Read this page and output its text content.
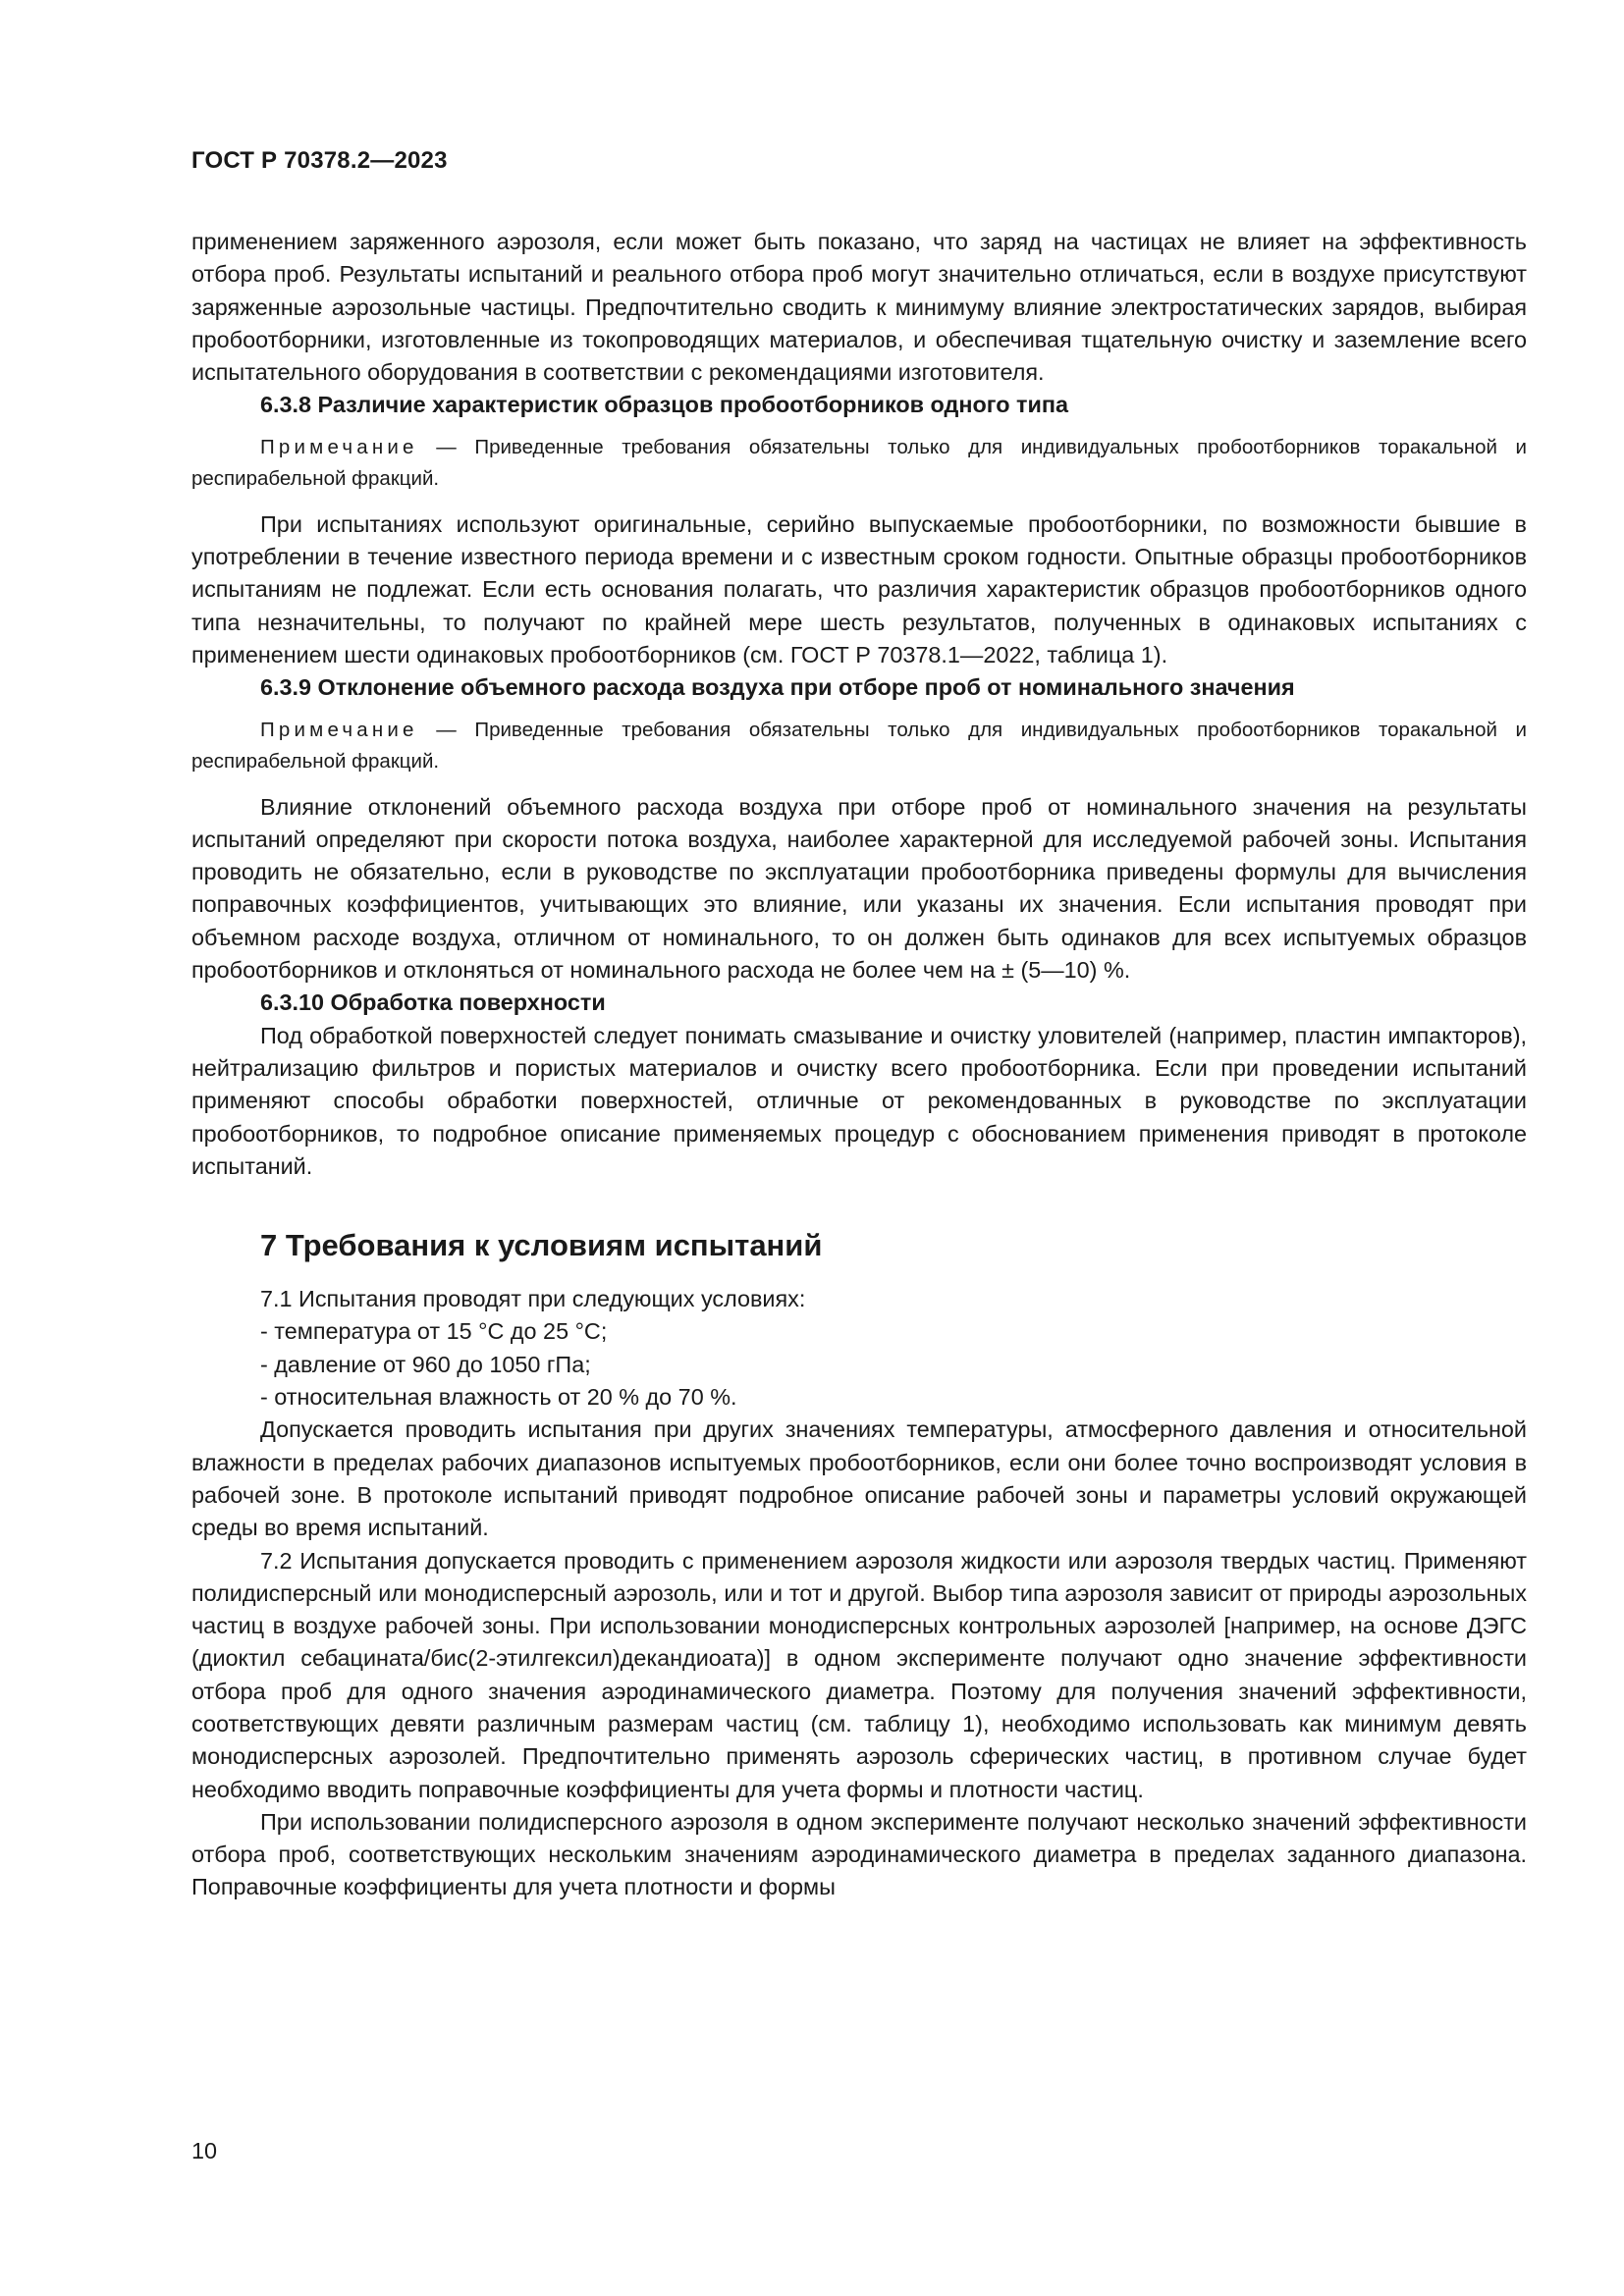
ГОСТ Р 70378.2—2023

применением заряженного аэрозоля, если может быть показано, что заряд на частицах не влияет на эффективность отбора проб. Результаты испытаний и реального отбора проб могут значительно отличаться, если в воздухе присутствуют заряженные аэрозольные частицы. Предпочтительно сводить к минимуму влияние электростатических зарядов, выбирая пробоотборники, изготовленные из токопроводящих материалов, и обеспечивая тщательную очистку и заземление всего испытательного оборудования в соответствии с рекомендациями изготовителя.

6.3.8 Различие характеристик образцов пробоотборников одного типа
Примечание — Приведенные требования обязательны только для индивидуальных пробоотборников торакальной и респирабельной фракций.

При испытаниях используют оригинальные, серийно выпускаемые пробоотборники, по возможности бывшие в употреблении в течение известного периода времени и с известным сроком годности. Опытные образцы пробоотборников испытаниям не подлежат. Если есть основания полагать, что различия характеристик образцов пробоотборников одного типа незначительны, то получают по крайней мере шесть результатов, полученных в одинаковых испытаниях с применением шести одинаковых пробоотборников (см. ГОСТ Р 70378.1—2022, таблица 1).

6.3.9 Отклонение объемного расхода воздуха при отборе проб от номинального значения
Примечание — Приведенные требования обязательны только для индивидуальных пробоотборников торакальной и респирабельной фракций.

Влияние отклонений объемного расхода воздуха при отборе проб от номинального значения на результаты испытаний определяют при скорости потока воздуха, наиболее характерной для исследуемой рабочей зоны. Испытания проводить не обязательно, если в руководстве по эксплуатации пробоотборника приведены формулы для вычисления поправочных коэффициентов, учитывающих это влияние, или указаны их значения. Если испытания проводят при объемном расходе воздуха, отличном от номинального, то он должен быть одинаков для всех испытуемых образцов пробоотборников и отклоняться от номинального расхода не более чем на ± (5—10) %.

6.3.10 Обработка поверхности

Под обработкой поверхностей следует понимать смазывание и очистку уловителей (например, пластин импакторов), нейтрализацию фильтров и пористых материалов и очистку всего пробоотборника. Если при проведении испытаний применяют способы обработки поверхностей, отличные от рекомендованных в руководстве по эксплуатации пробоотборников, то подробное описание применяемых процедур с обоснованием применения приводят в протоколе испытаний.

7 Требования к условиям испытаний

7.1 Испытания проводят при следующих условиях:

- температура от 15 °С до 25 °С;

- давление от 960 до 1050 гПа;

- относительная влажность от 20 % до 70 %.

Допускается проводить испытания при других значениях температуры, атмосферного давления и относительной влажности в пределах рабочих диапазонов испытуемых пробоотборников, если они более точно воспроизводят условия в рабочей зоне. В протоколе испытаний приводят подробное описание рабочей зоны и параметры условий окружающей среды во время испытаний.

7.2 Испытания допускается проводить с применением аэрозоля жидкости или аэрозоля твердых частиц. Применяют полидисперсный или монодисперсный аэрозоль, или и тот и другой. Выбор типа аэрозоля зависит от природы аэрозольных частиц в воздухе рабочей зоны. При использовании монодисперсных контрольных аэрозолей [например, на основе ДЭГС (диоктил себацината/бис(2-этилгексил)декандиоата)] в одном эксперименте получают одно значение эффективности отбора проб для одного значения аэродинамического диаметра. Поэтому для получения значений эффективности, соответствующих девяти различным размерам частиц (см. таблицу 1), необходимо использовать как минимум девять монодисперсных аэрозолей. Предпочтительно применять аэрозоль сферических частиц, в противном случае будет необходимо вводить поправочные коэффициенты для учета формы и плотности частиц.

При использовании полидисперсного аэрозоля в одном эксперименте получают несколько значений эффективности отбора проб, соответствующих нескольким значениям аэродинамического диаметра в пределах заданного диапазона. Поправочные коэффициенты для учета плотности и формы

10
